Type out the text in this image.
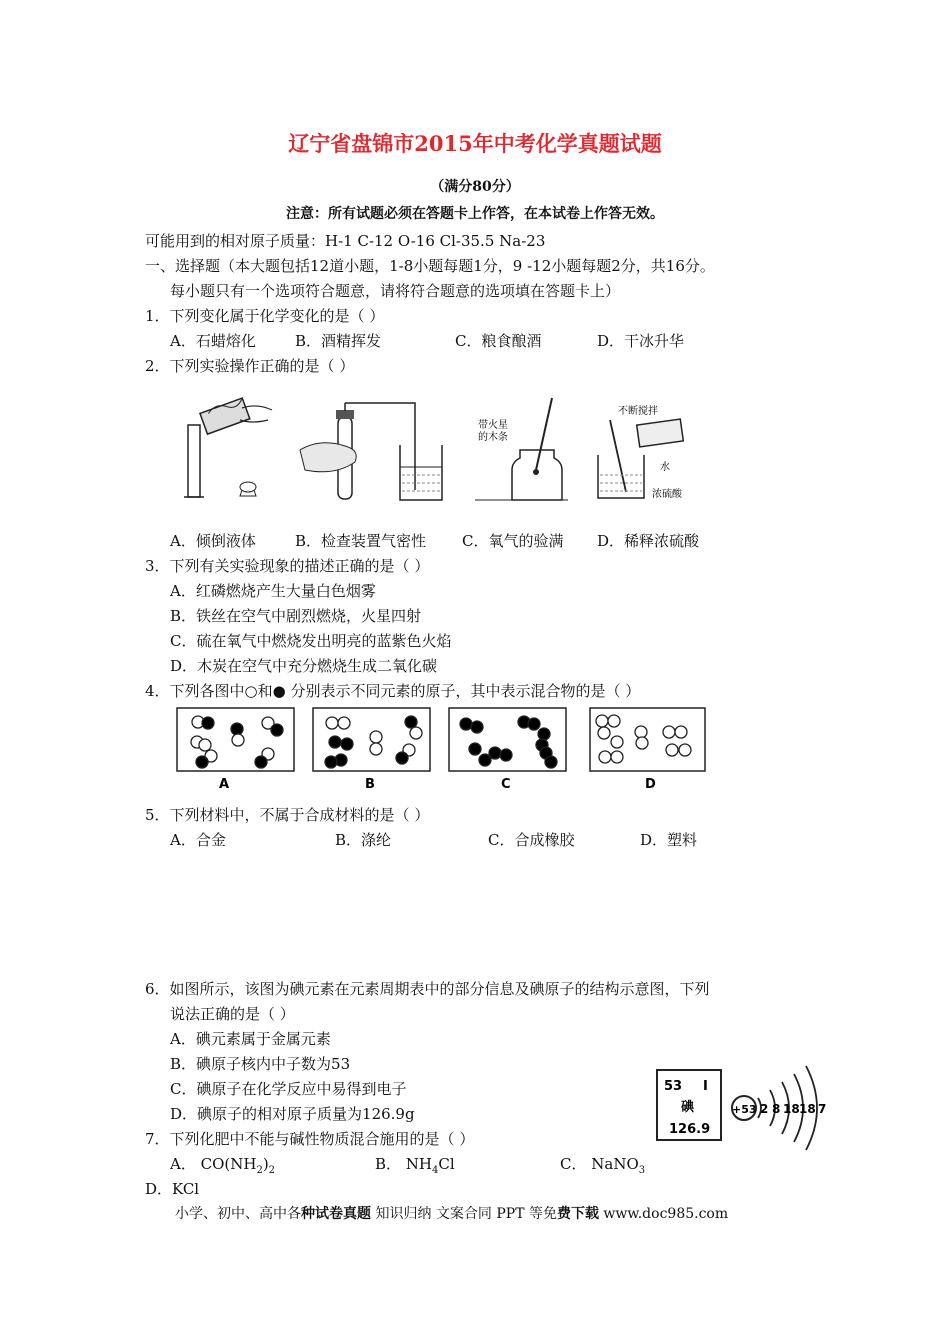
辽宁省盘锦市2015年中考化学真题试题
（满分80分）
注意：所有试题必须在答题卡上作答，在本试卷上作答无效。
可能用到的相对原子质量：H-1 C-12 O-16 Cl-35.5 Na-23
一、选择题（本大题包括12道小题，1-8小题每题1分，9 -12小题每题2分，共16分。
每小题只有一个选项符合题意，请将符合题意的选项填在答题卡上）
1．下列变化属于化学变化的是（ ）
A．石蜡熔化	B．酒精挥发	C．粮食酿酒	D．干冰升华
2．下列实验操作正确的是（ ）
带火星
的木条
不断搅拌
水
浓硫酸
A．倾倒液体	B．检查装置气密性 C．氧气的验满 D．稀释浓硫酸
3．下列有关实验现象的描述正确的是（ ）
A．红磷燃烧产生大量白色烟雾
B．铁丝在空气中剧烈燃烧，火星四射
C．硫在氧气中燃烧发出明亮的蓝紫色火焰
D．木炭在空气中充分燃烧生成二氧化碳
4．下列各图中○和● 分别表示不同元素的原子，其中表示混合物的是（ ）
A	B	C	D
5．下列材料中，不属于合成材料的是（ ）
A．合金	B．涤纶	C．合成橡胶	D．塑料
6．如图所示，该图为碘元素在元素周期表中的部分信息及碘原子的结构示意图，下列
说法正确的是（ ）
A．碘元素属于金属元素
B．碘原子核内中子数为53
C．碘原子在化学反应中易得到电子
D．碘原子的相对原子质量为126.9g
53 I
碘
126.9
+53 2 8 18 18 7
7．下列化肥中不能与碱性物质混合施用的是（ ）
A． $CO(NH_2)_2$	B． $NH_4Cl$	C． NaNO$_3$
D．KCl
小学、初中、高中各种试卷真题 知识归纳 文案合同 PPT 等免费下载 www.doc985.com
